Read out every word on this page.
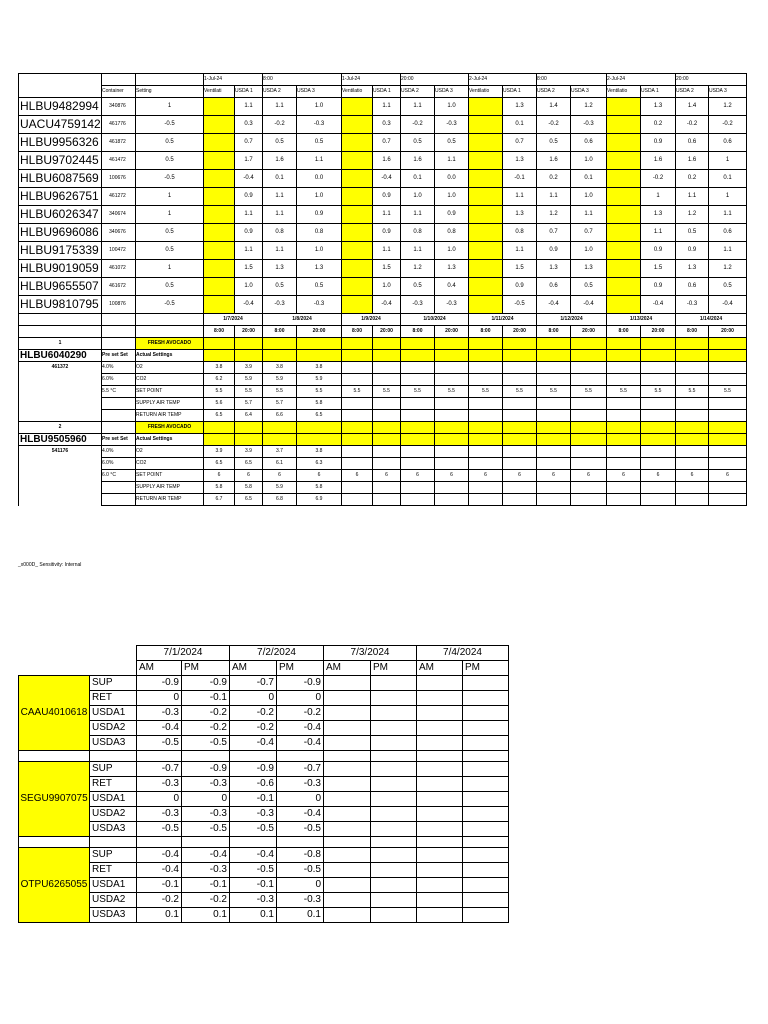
			1-Jul-24		8:00		1-Jul-24		20:00		2-Jul-24		8:00		2-Jul-24		20:00	
	Container	Setting	Ventilati	USDA 1	USDA 2	USDA 3	Ventilatio	USDA 1	USDA 2	USDA 3	Ventilatio	USDA 1	USDA 2	USDA 3	Ventilatio	USDA 1	USDA 2	USDA 3
HLBU9482994	340876	1		1.1	1.1	1.0		1.1	1.1	1.0		1.3	1.4	1.2		1.3	1.4	1.2
UACU4759142	461776	-0.5		0.3	-0.2	-0.3		0.3	-0.2	-0.3		0.1	-0.2	-0.3		0.2	-0.2	-0.2
HLBU9956326	461872	0.5		0.7	0.5	0.5		0.7	0.5	0.5		0.7	0.5	0.6		0.9	0.6	0.6
HLBU9702445	461472	0.5		1.7	1.6	1.1		1.6	1.6	1.1		1.3	1.6	1.0		1.6	1.6	1
HLBU6087569	100676	-0.5		-0.4	0.1	0.0		-0.4	0.1	0.0		-0.1	0.2	0.1		-0.2	0.2	0.1
HLBU9626751	461272	1		0.9	1.1	1.0		0.9	1.0	1.0		1.1	1.1	1.0		1	1.1	1
HLBU6026347	340674	1		1.1	1.1	0.9		1.1	1.1	0.9		1.3	1.2	1.1		1.3	1.2	1.1
HLBU9696086	340676	0.5		0.9	0.8	0.8		0.9	0.8	0.8		0.8	0.7	0.7		1.1	0.5	0.6
HLBU9175339	100472	0.5		1.1	1.1	1.0		1.1	1.1	1.0		1.1	0.9	1.0		0.9	0.9	1.1
HLBU9019059	461072	1		1.5	1.3	1.3		1.5	1.2	1.3		1.5	1.3	1.3		1.5	1.3	1.2
HLBU9655507	461672	0.5		1.0	0.5	0.5		1.0	0.5	0.4		0.9	0.6	0.5		0.9	0.6	0.5
HLBU9810795	100876	-0.5		-0.4	-0.3	-0.3		-0.4	-0.3	-0.3		-0.5	-0.4	-0.4		-0.4	-0.3	-0.4
			1/7/2024		1/8/2024		1/9/2024		1/10/2024		1/11/2024		1/12/2024		1/13/2024		1/14/2024	
			8:00	20:00	8:00	20:00	8:00	20:00	8:00	20:00	8:00	20:00	8:00	20:00	8:00	20:00	8:00	20:00
1		FRESH AVOCADO																
HLBU6040290	Pre set Set	Actual Settings																
461372	4.0%	O2	3.8	3.9	3.8	3.8												
	6.0%	CO2	6.2	5.9	5.9	5.9												
	5.5 °C	SET POINT	5.5	5.5	5.5	5.5	5.5	5.5	5.5	5.5	5.5	5.5	5.5	5.5	5.5	5.5	5.5	5.5
		SUPPLY AIR TEMP	5.6	5.7	5.7	5.8												
		RETURN AIR TEMP	6.5	6.4	6.6	6.5												
2		FRESH AVOCADO																
HLBU9505960	Pre set Set	Actual Settings																
541176	4.0%	O2	3.9	3.9	3.7	3.8												
	6.0%	CO2	6.5	6.5	6.1	6.3												
	6.0 °C	SET POINT	6	6	6	6	6	6	6	6	6	6	6	6	6	6	6	6
		SUPPLY AIR TEMP	5.8	5.8	5.9	5.8												
		RETURN AIR TEMP	6.7	6.5	6.8	6.9												
_x000D_ Sensitivity: Internal
		7/1/2024		7/2/2024		7/3/2024		7/4/2024	
		AM	PM	AM	PM	AM	PM	AM	PM
CAAU4010618	SUP	-0.9	-0.9	-0.7	-0.9				
	RET	0	-0.1	0	0				
	USDA1	-0.3	-0.2	-0.2	-0.2				
	USDA2	-0.4	-0.2	-0.2	-0.4				
	USDA3	-0.5	-0.5	-0.4	-0.4				

SEGU9907075	SUP	-0.7	-0.9	-0.9	-0.7				
	RET	-0.3	-0.3	-0.6	-0.3				
	USDA1	0	0	-0.1	0				
	USDA2	-0.3	-0.3	-0.3	-0.4				
	USDA3	-0.5	-0.5	-0.5	-0.5				

OTPU6265055	SUP	-0.4	-0.4	-0.4	-0.8				
	RET	-0.4	-0.3	-0.5	-0.5				
	USDA1	-0.1	-0.1	-0.1	0				
	USDA2	-0.2	-0.2	-0.3	-0.3				
	USDA3	0.1	0.1	0.1	0.1				
